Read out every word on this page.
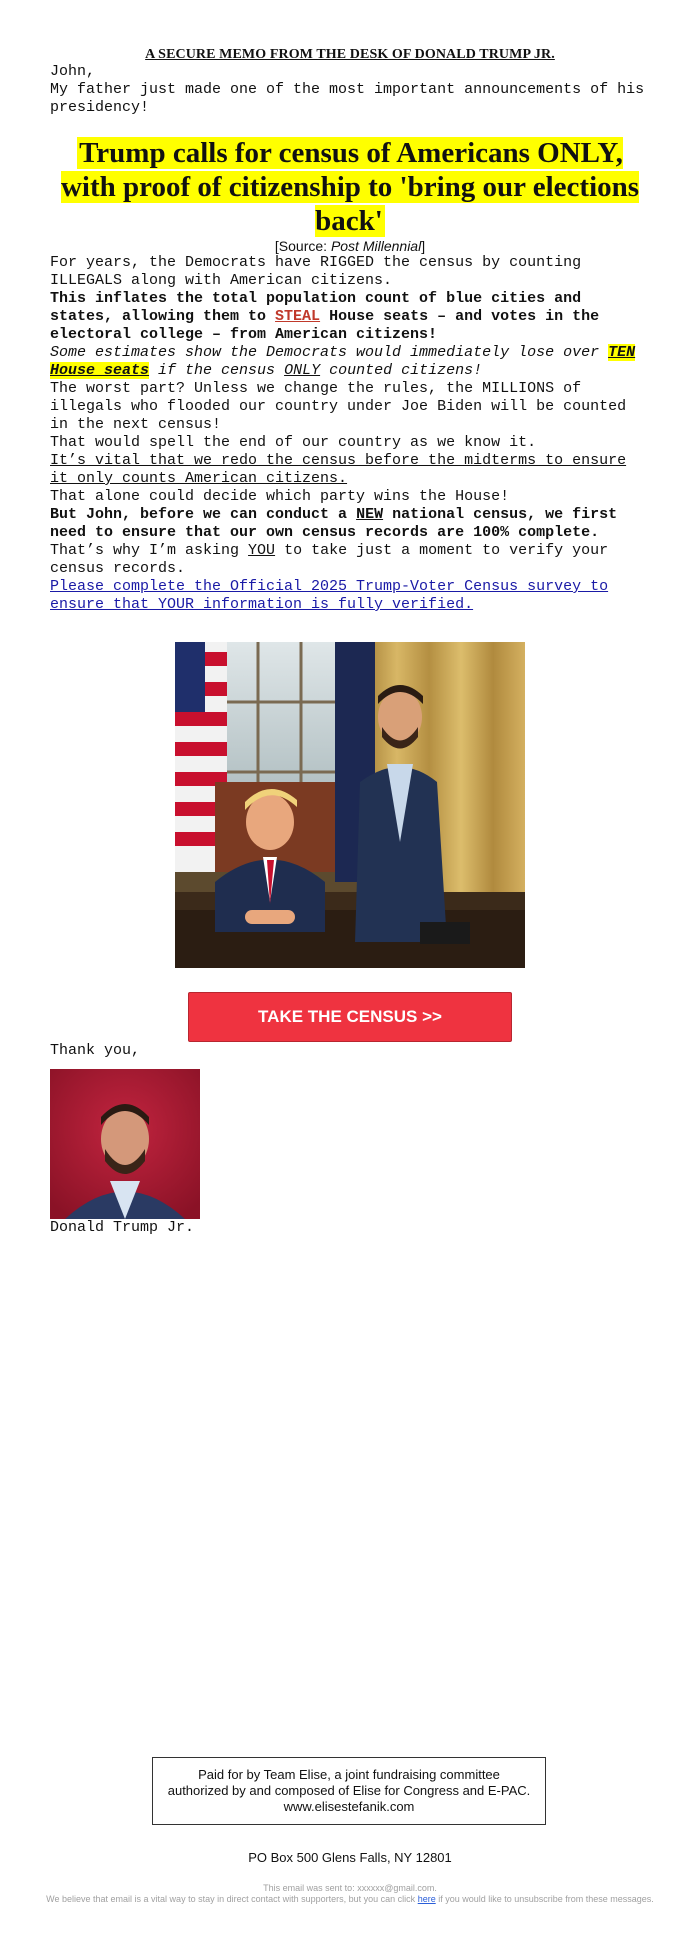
A SECURE MEMO FROM THE DESK OF DONALD TRUMP JR.

John,

My father just made one of the most important announcements of his presidency!

Trump calls for census of Americans ONLY, with proof of citizenship to 'bring our elections back'
[Source: Post Millennial]

For years, the Democrats have RIGGED the census by counting ILLEGALS along with American citizens.

This inflates the total population count of blue cities and states, allowing them to STEAL House seats – and votes in the electoral college – from American citizens!

Some estimates show the Democrats would immediately lose over TEN House seats if the census ONLY counted citizens!

The worst part? Unless we change the rules, the MILLIONS of illegals who flooded our country under Joe Biden will be counted in the next census!

That would spell the end of our country as we know it.

It’s vital that we redo the census before the midterms to ensure it only counts American citizens.

That alone could decide which party wins the House!

But John, before we can conduct a NEW national census, we first need to ensure that our own census records are 100% complete.

That’s why I’m asking YOU to take just a moment to verify your census records.

Please complete the Official 2025 Trump-Voter Census survey to ensure that YOUR information is fully verified.

TAKE THE CENSUS >>

Thank you,

Donald Trump Jr.

Paid for by Team Elise, a joint fundraising committee authorized by and composed of Elise for Congress and E-PAC. www.elisestefanik.com
PO Box 500 Glens Falls, NY 12801
This email was sent to: xxxxxx@gmail.com.
We believe that email is a vital way to stay in direct contact with supporters, but you can click here if you would like to unsubscribe from these messages.
